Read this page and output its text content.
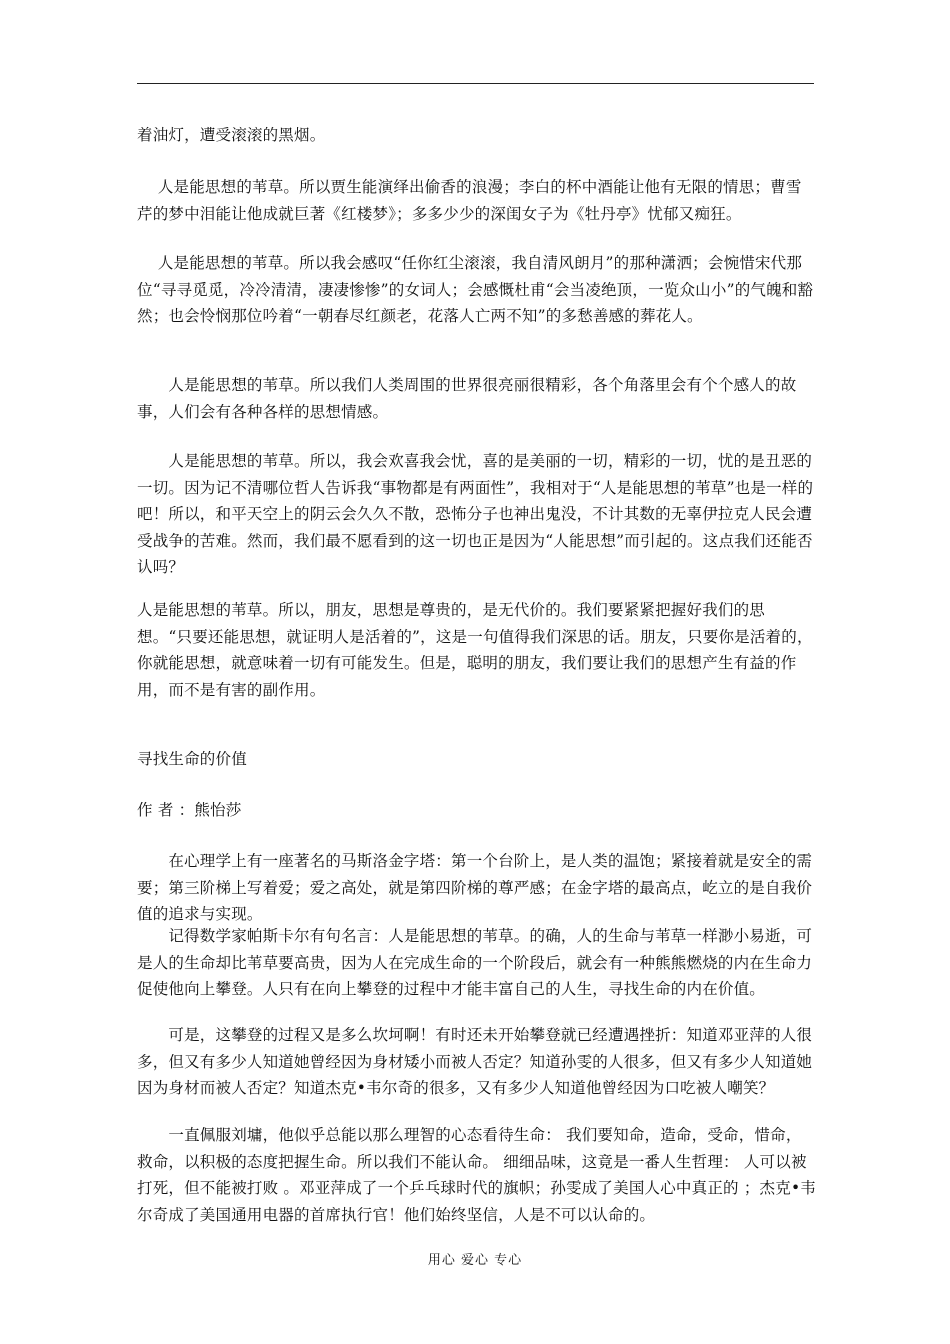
着油灯，遭受滚滚的黑烟。

　 人是能思想的苇草。所以贾生能演绎出偷香的浪漫；李白的杯中酒能让他有无限的情思；曹雪芹的梦中泪能让他成就巨著《红楼梦》；多多少少的深闺女子为《牡丹亭》忧郁又痴狂。

　 人是能思想的苇草。所以我会感叹“任你红尘滚滚，我自清风朗月”的那种潇洒；会惋惜宋代那位“寻寻觅觅，冷冷清清，凄凄惨惨”的女词人；会感慨杜甫“会当凌绝顶，一览众山小”的气魄和豁然；也会怜悯那位吟着“一朝春尽红颜老，花落人亡两不知”的多愁善感的葬花人。

　　人是能思想的苇草。所以我们人类周围的世界很亮丽很精彩，各个角落里会有个个感人的故事，人们会有各种各样的思想情感。

　　人是能思想的苇草。所以，我会欢喜我会忧，喜的是美丽的一切，精彩的一切，忧的是丑恶的一切。因为记不清哪位哲人告诉我“事物都是有两面性”，我相对于“人是能思想的苇草”也是一样的吧！所以，和平天空上的阴云会久久不散，恐怖分子也神出鬼没，不计其数的无辜伊拉克人民会遭受战争的苦难。然而，我们最不愿看到的这一切也正是因为“人能思想”而引起的。这点我们还能否认吗？

人是能思想的苇草。所以，朋友，思想是尊贵的，是无代价的。我们要紧紧把握好我们的思想。“只要还能思想，就证明人是活着的”，这是一句值得我们深思的话。朋友，只要你是活着的，你就能思想，就意味着一切有可能发生。但是，聪明的朋友，我们要让我们的思想产生有益的作用，而不是有害的副作用。

寻找生命的价值

作 者 ：熊怡莎

　　在心理学上有一座著名的马斯洛金字塔：第一个台阶上，是人类的温饱；紧接着就是安全的需要；第三阶梯上写着爱；爱之高处，就是第四阶梯的尊严感；在金字塔的最高点，屹立的是自我价值的追求与实现。

　　记得数学家帕斯卡尔有句名言：人是能思想的苇草。的确，人的生命与苇草一样渺小易逝，可是人的生命却比苇草要高贵，因为人在完成生命的一个阶段后，就会有一种熊熊燃烧的内在生命力促使他向上攀登。人只有在向上攀登的过程中才能丰富自己的人生，寻找生命的内在价值。

　　可是，这攀登的过程又是多么坎坷啊！有时还未开始攀登就已经遭遇挫折：知道邓亚萍的人很多，但又有多少人知道她曾经因为身材矮小而被人否定？知道孙雯的人很多，但又有多少人知道她因为身材而被人否定？知道杰克•韦尔奇的很多，又有多少人知道他曾经因为口吃被人嘲笑？

　　一直佩服刘墉，他似乎总能以那么理智的心态看待生命： 我们要知命，造命，受命，惜命，救命，以积极的态度把握生命。所以我们不能认命。 细细品味，这竟是一番人生哲理： 人可以被打死，但不能被打败 。邓亚萍成了一个乒乓球时代的旗帜；孙雯成了美国人心中真正的 ；杰克•韦尔奇成了美国通用电器的首席执行官！他们始终坚信，人是不可以认命的。

用心 爱心 专心
